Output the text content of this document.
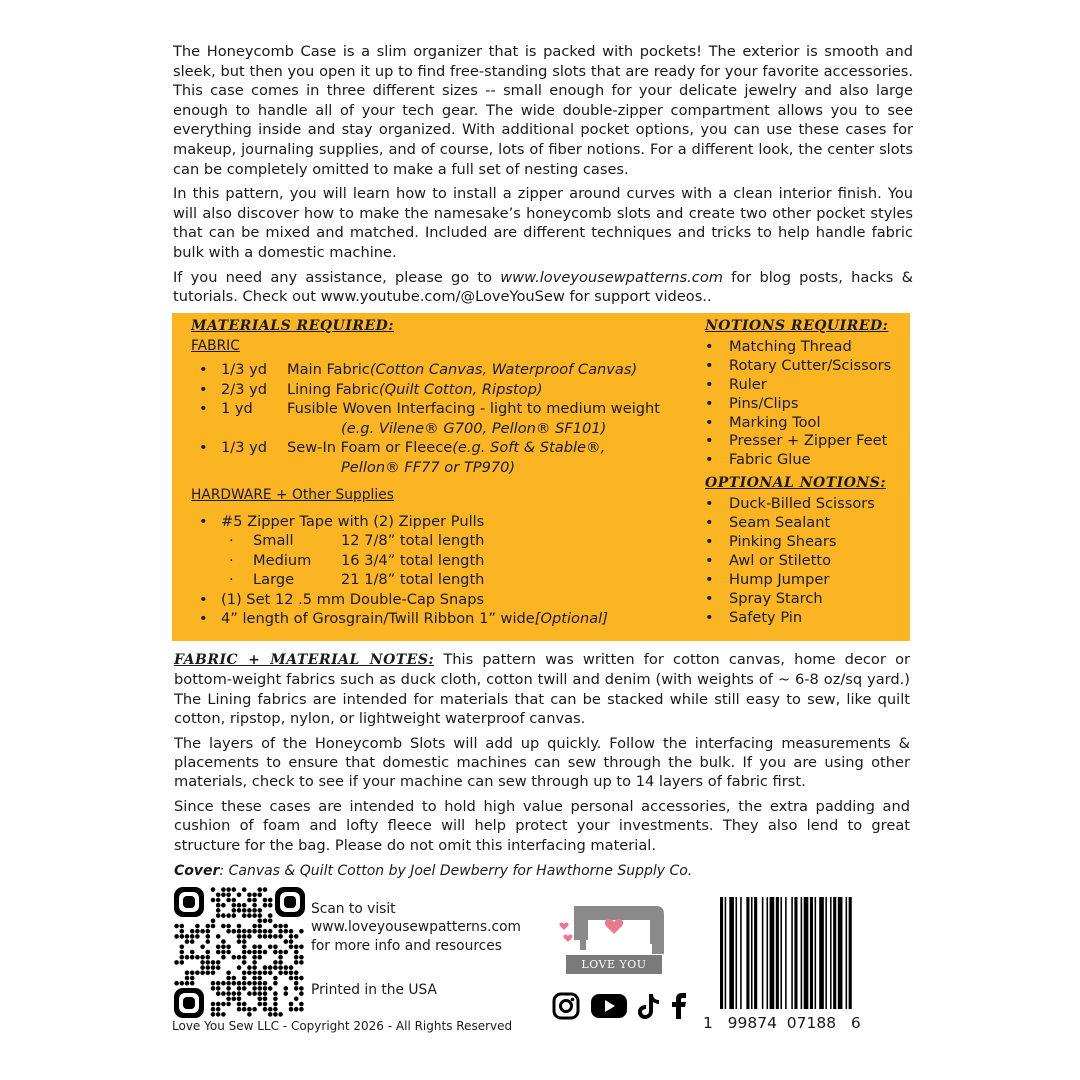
The Honeycomb Case is a slim organizer that is packed with pockets! The exterior is smooth and sleek, but then you open it up to find free-standing slots that are ready for your favorite accessories. This case comes in three different sizes -- small enough for your delicate jewelry and also large enough to handle all of your tech gear. The wide double-zipper compartment allows you to see everything inside and stay organized. With additional pocket options, you can use these cases for makeup, journaling supplies, and of course, lots of fiber notions. For a different look, the center slots can be completely omitted to make a full set of nesting cases.

In this pattern, you will learn how to install a zipper around curves with a clean interior finish. You will also discover how to make the namesake’s honeycomb slots and create two other pocket styles that can be mixed and matched. Included are different techniques and tricks to help handle fabric bulk with a domestic machine.

If you need any assistance, please go to www.loveyousewpatterns.com for blog posts, hacks & tutorials. Check out www.youtube.com/@LoveYouSew for support videos..

MATERIALS REQUIRED:
FABRIC
• 1/3 yd	Main Fabric (Cotton Canvas, Waterproof Canvas)
• 2/3 yd	Lining Fabric (Quilt Cotton, Ripstop)
• 1 yd	Fusible Woven Interfacing - light to medium weight
(e.g. Vilene® G700, Pellon® SF101)
• 1/3 yd	Sew-In Foam or Fleece (e.g. Soft & Stable®,
Pellon® FF77 or TP970)
HARDWARE + Other Supplies
• #5 Zipper Tape with (2) Zipper Pulls
·	Small	12 7/8” total length
·	Medium	16 3/4” total length
·	Large	21 1/8” total length
• (1) Set 12 .5 mm Double-Cap Snaps
• 4” length of Grosgrain/Twill Ribbon 1” wide [Optional]
NOTIONS REQUIRED:
•	Matching Thread
•	Rotary Cutter/Scissors
•	Ruler
•	Pins/Clips
•	Marking Tool
•	Presser + Zipper Feet
•	Fabric Glue
OPTIONAL NOTIONS:
•	Duck-Billed Scissors
•	Seam Sealant
•	Pinking Shears
•	Awl or Stiletto
•	Hump Jumper
•	Spray Starch
•	Safety Pin

FABRIC + MATERIAL NOTES: This pattern was written for cotton canvas, home decor or bottom-weight fabrics such as duck cloth, cotton twill and denim (with weights of ~ 6-8 oz/sq yard.) The Lining fabrics are intended for materials that can be stacked while still easy to sew, like quilt cotton, ripstop, nylon, or lightweight waterproof canvas.

The layers of the Honeycomb Slots will add up quickly. Follow the interfacing measurements & placements to ensure that domestic machines can sew through the bulk. If you are using other materials, check to see if your machine can sew through up to 14 layers of fabric first.

Since these cases are intended to hold high value personal accessories, the extra padding and cushion of foam and lofty fleece will help protect your investments. They also lend to great structure for the bag. Please do not omit this interfacing material.

Cover: Canvas & Quilt Cotton by Joel Dewberry for Hawthorne Supply Co.
Scan to visit
www.loveyousewpatterns.com
for more info and resources
Printed in the USA
Love You Sew LLC - Copyright 2026 - All Rights Reserved
LOVE YOU SEW
1   99874  07188   6
